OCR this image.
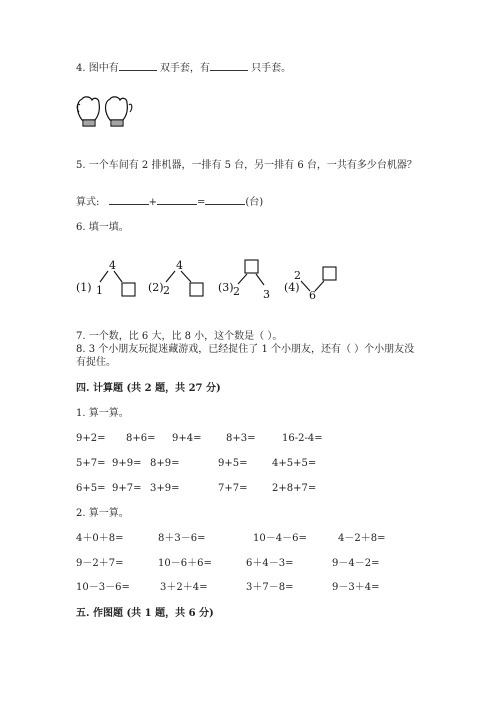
4. 图中有	双手套，有	只手套。
5. 一个车间有 2 排机器，一排有 5 台，另一排有 6 台，一共有多少台机器？
算式:	+	=	(台)
6. 填一填。
(1)
4
1	(2)
4
2	(3) 2 3
(4)
2
6
7. 一个数，比 6 大，比 8 小，这个数是（ ）。
8. 3 个小朋友玩捉迷藏游戏，已经捉住了 1 个小朋友，还有（ ）个小朋友没
有捉住。
四. 计算题 (共 2 题，共 27 分)
1. 算一算。
9+2= 8+6= 9+4= 8+3=	16-2-4=
5+7= 9+9= 8+9=	9+5= 4+5+5=
6+5= 9+7= 3+9=	7+7= 2+8+7=
2. 算一算。
4＋0＋8=	8＋3－6=	10－4－6=	4－2＋8=
9－2＋7=	10－6＋6=	6＋4－3=	9－4－2=
10－3－6=	3＋2＋4=	3＋7－8=	9－3＋4=
五. 作图题 (共 1 题，共 6 分)
